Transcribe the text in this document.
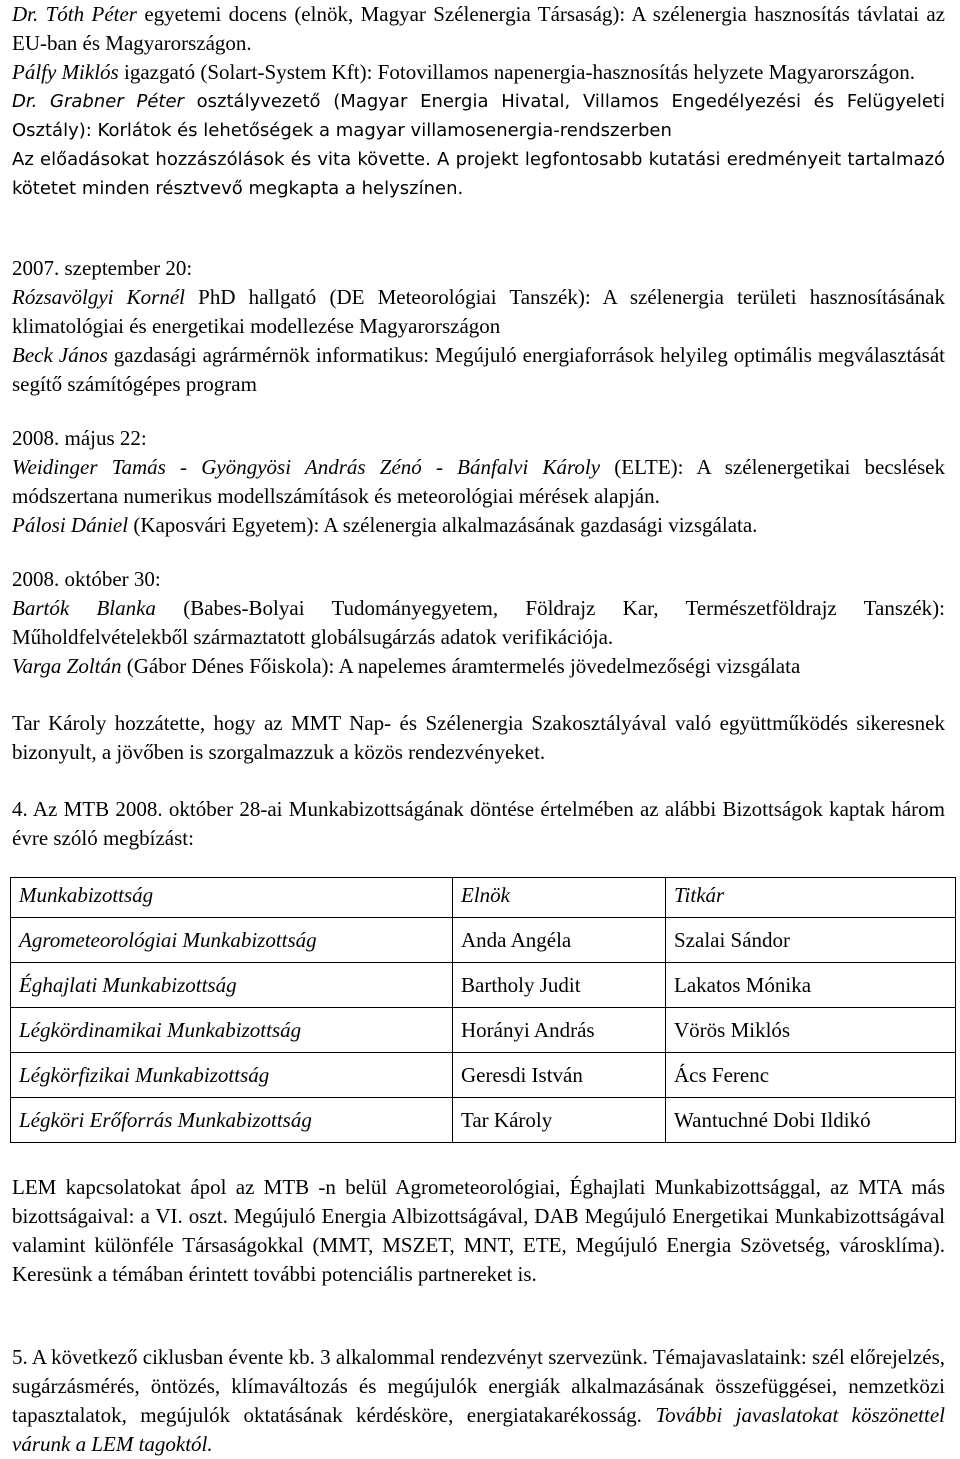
Dr. Tóth Péter egyetemi docens (elnök, Magyar Szélenergia Társaság): A szélenergia hasznosítás távlatai az EU-ban és Magyarországon.

Pálfy Miklós igazgató (Solart-System Kft): Fotovillamos napenergia-hasznosítás helyzete Magyarországon.

Dr. Grabner Péter osztályvezető (Magyar Energia Hivatal, Villamos Engedélyezési és Felügyeleti Osztály): Korlátok és lehetőségek a magyar villamosenergia-rendszerben

Az előadásokat hozzászólások és vita követte. A projekt legfontosabb kutatási eredményeit tartalmazó kötetet minden résztvevő megkapta a helyszínen.

2007. szeptember 20:

Rózsavölgyi Kornél PhD hallgató (DE Meteorológiai Tanszék): A szélenergia területi hasznosításának klimatológiai és energetikai modellezése Magyarországon

Beck János gazdasági agrármérnök informatikus: Megújuló energiaforrások helyileg optimális megválasztását segítő számítógépes program

2008. május 22:

Weidinger Tamás - Gyöngyösi András Zénó - Bánfalvi Károly (ELTE): A szélenergetikai becslések módszertana numerikus modellszámítások és meteorológiai mérések alapján.

Pálosi Dániel (Kaposvári Egyetem): A szélenergia alkalmazásának gazdasági vizsgálata.

2008. október 30:

Bartók Blanka (Babes-Bolyai Tudományegyetem, Földrajz Kar, Természetföldrajz Tanszék): Műholdfelvételekből származtatott globálsugárzás adatok verifikációja.

Varga Zoltán (Gábor Dénes Főiskola): A napelemes áramtermelés jövedelmezőségi vizsgálata

Tar Károly hozzátette, hogy az MMT Nap- és Szélenergia Szakosztályával való együttműködés sikeresnek bizonyult, a jövőben is szorgalmazzuk a közös rendezvényeket.

4. Az MTB 2008. október 28-ai Munkabizottságának döntése értelmében az alábbi Bizottságok kaptak három évre szóló megbízást:

Munkabizottság	Elnök	Titkár
Agrometeorológiai Munkabizottság	Anda Angéla	Szalai Sándor
Éghajlati Munkabizottság	Bartholy Judit	Lakatos Mónika
Légkördinamikai Munkabizottság	Horányi András	Vörös Miklós
Légkörfizikai Munkabizottság	Geresdi István	Ács Ferenc
Légköri Erőforrás Munkabizottság	Tar Károly	Wantuchné Dobi Ildikó

LEM kapcsolatokat ápol az MTB -n belül Agrometeorológiai, Éghajlati Munkabizottsággal, az MTA más bizottságaival: a VI. oszt. Megújuló Energia Albizottságával, DAB Megújuló Energetikai Munkabizottságával valamint különféle Társaságokkal (MMT, MSZET, MNT, ETE, Megújuló Energia Szövetség, városklíma). Keresünk a témában érintett további potenciális partnereket is.

5. A következő ciklusban évente kb. 3 alkalommal rendezvényt szervezünk. Témajavaslataink: szél előrejelzés, sugárzásmérés, öntözés, klímaváltozás és megújulók energiák alkalmazásának összefüggései, nemzetközi tapasztalatok, megújulók oktatásának kérdésköre, energiatakarékosság. További javaslatokat köszönettel várunk a LEM tagoktól.
